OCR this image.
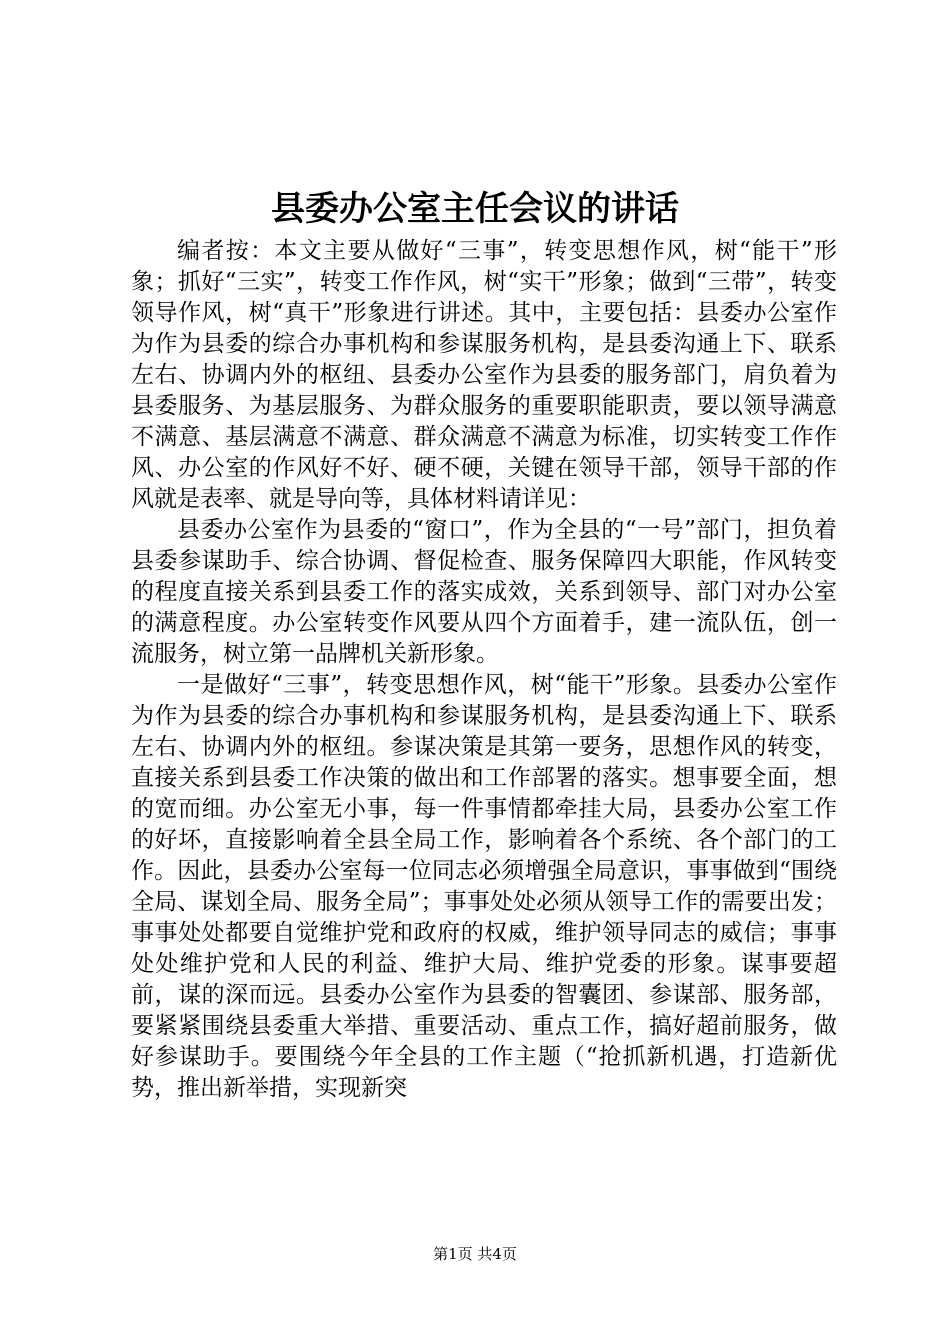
县委办公室主任会议的讲话

编者按：本文主要从做好“三事”，转变思想作风，树“能干”形象；抓好“三实”，转变工作作风，树“实干”形象；做到“三带”，转变领导作风，树“真干”形象进行讲述。其中，主要包括：县委办公室作为作为县委的综合办事机构和参谋服务机构，是县委沟通上下、联系左右、协调内外的枢纽、县委办公室作为县委的服务部门，肩负着为县委服务、为基层服务、为群众服务的重要职能职责，要以领导满意不满意、基层满意不满意、群众满意不满意为标准，切实转变工作作风、办公室的作风好不好、硬不硬，关键在领导干部，领导干部的作风就是表率、就是导向等，具体材料请详见：

县委办公室作为县委的“窗口”，作为全县的“一号”部门，担负着县委参谋助手、综合协调、督促检查、服务保障四大职能，作风转变的程度直接关系到县委工作的落实成效，关系到领导、部门对办公室的满意程度。办公室转变作风要从四个方面着手，建一流队伍，创一流服务，树立第一品牌机关新形象。

一是做好“三事”，转变思想作风，树“能干”形象。县委办公室作为作为县委的综合办事机构和参谋服务机构，是县委沟通上下、联系左右、协调内外的枢纽。参谋决策是其第一要务，思想作风的转变，直接关系到县委工作决策的做出和工作部署的落实。想事要全面，想的宽而细。办公室无小事，每一件事情都牵挂大局，县委办公室工作的好坏，直接影响着全县全局工作，影响着各个系统、各个部门的工作。因此，县委办公室每一位同志必须增强全局意识，事事做到“围绕全局、谋划全局、服务全局”；事事处处必须从领导工作的需要出发；事事处处都要自觉维护党和政府的权威，维护领导同志的威信；事事处处维护党和人民的利益、维护大局、维护党委的形象。谋事要超前，谋的深而远。县委办公室作为县委的智囊团、参谋部、服务部，要紧紧围绕县委重大举措、重要活动、重点工作，搞好超前服务，做好参谋助手。要围绕今年全县的工作主题（“抢抓新机遇，打造新优势，推出新举措，实现新突

第1页 共4页
